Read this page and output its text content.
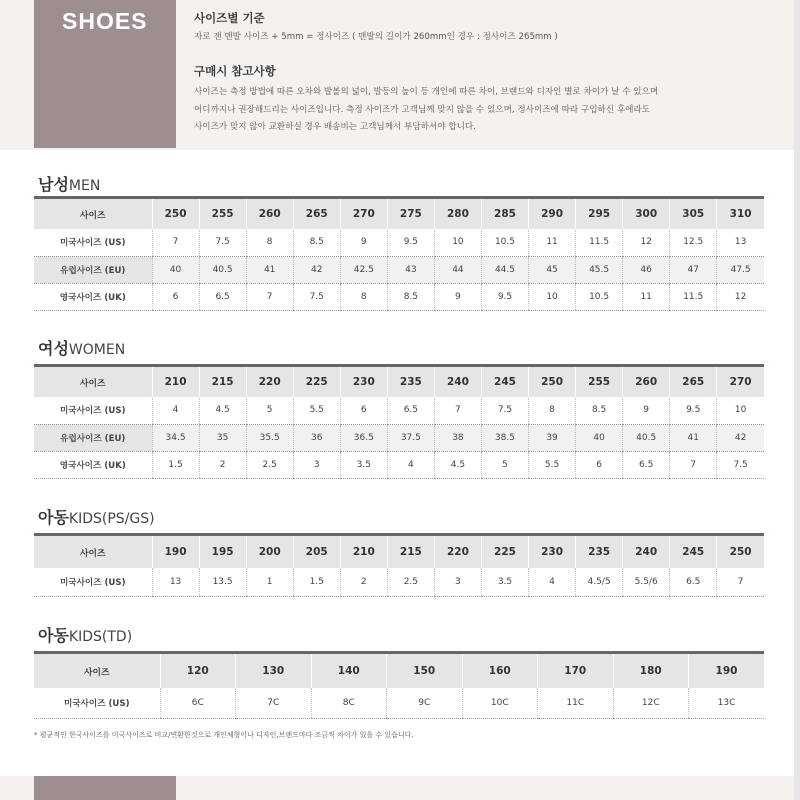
SHOES	사이즈별 기준

자로 잰 맨발 사이즈 + 5mm = 정사이즈 ( 맨발의 길이가 260mm인 경우 : 정사이즈 265mm )

구매시 참고사항
사이즈는 측정 방법에 따른 오차와 발볼의 넓이, 발등의 높이 등 개인에 따른 차이, 브랜드와 디자인 별로 차이가 날 수 있으며
어디까지나 권장해드리는 사이즈입니다. 측정 사이즈가 고객님께 맞지 않을 수 있으며, 정사이즈에 따라 구입하신 후에라도
사이즈가 맞지 않아 교환하실 경우 배송비는 고객님께서 부담하셔야 합니다.
남성MEN
사이즈	250	255	260	265	270	275	280	285	290	295	300	305	310
미국사이즈 (US)	7	7.5	8	8.5	9	9.5	10	10.5	11	11.5	12	12.5	13
유럽사이즈 (EU)	40	40.5	41	42	42.5	43	44	44.5	45	45.5	46	47	47.5
영국사이즈 (UK)	6	6.5	7	7.5	8	8.5	9	9.5	10	10.5	11	11.5	12
여성WOMEN
사이즈	210	215	220	225	230	235	240	245	250	255	260	265	270
미국사이즈 (US)	4	4.5	5	5.5	6	6.5	7	7.5	8	8.5	9	9.5	10
유럽사이즈 (EU)	34.5	35	35.5	36	36.5	37.5	38	38.5	39	40	40.5	41	42
영국사이즈 (UK)	1.5	2	2.5	3	3.5	4	4.5	5	5.5	6	6.5	7	7.5
아동KIDS(PS/GS)
사이즈	190	195	200	205	210	215	220	225	230	235	240	245	250
미국사이즈 (US)	13	13.5	1	1.5	2	2.5	3	3.5	4	4.5/5	5.5/6	6.5	7
아동KIDS(TD)
사이즈	120	130	140	150	160	170	180	190
미국사이즈 (US)	6C	7C	8C	9C	10C	11C	12C	13C
* 평균적인 한국사이즈를 미국사이즈로 비교/변환한것으로 개인체형이나 디자인,브랜드마다 조금씩 차이가 있을 수 있습니다.
